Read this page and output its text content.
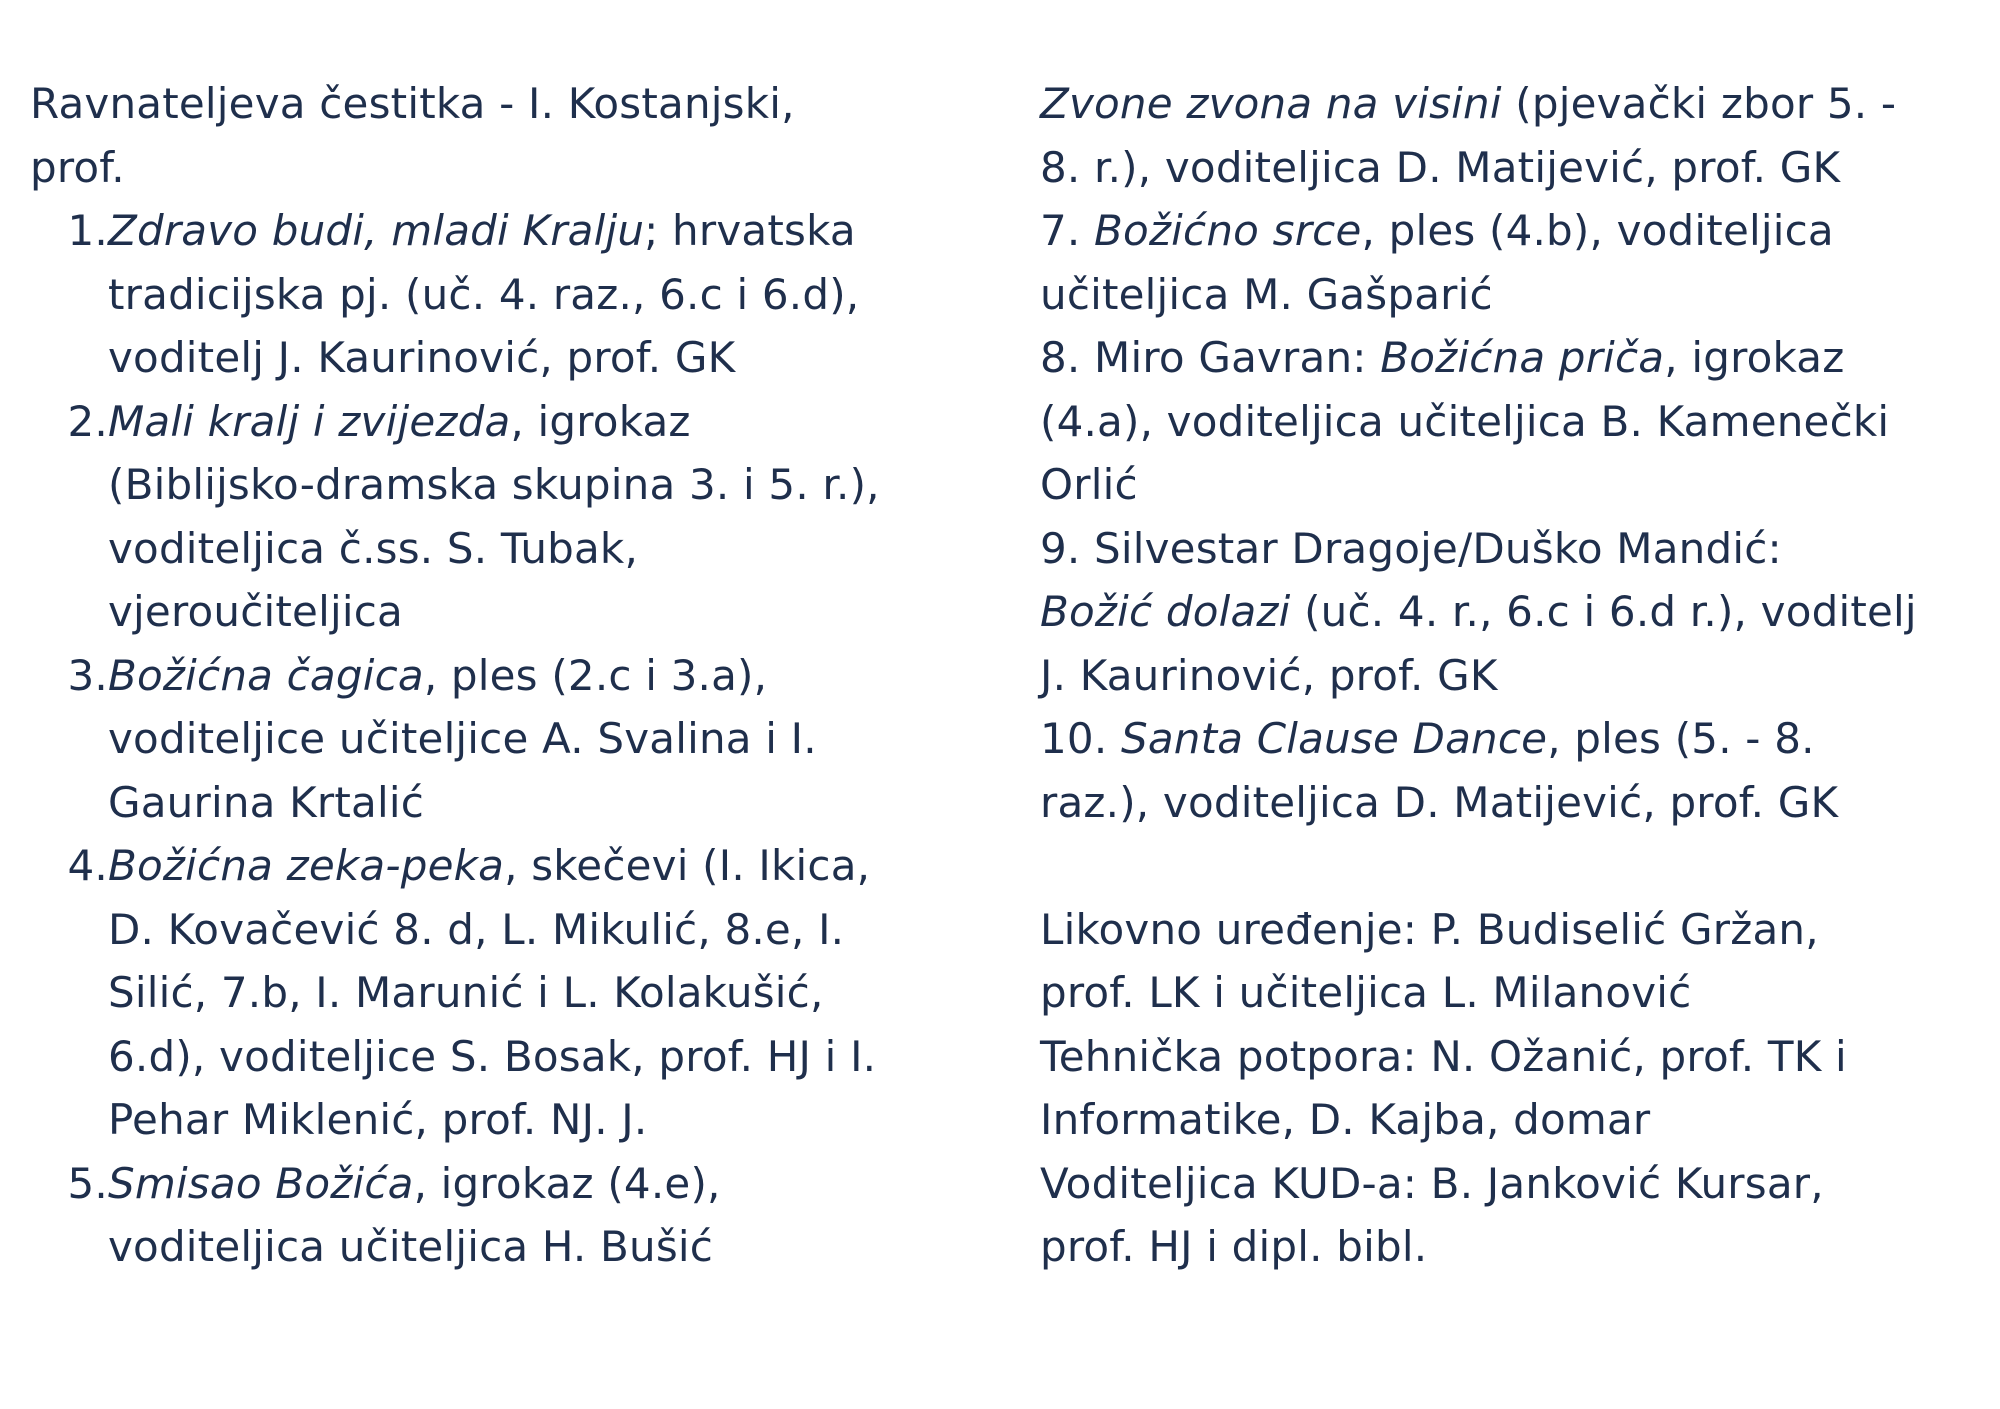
Ravnateljeva čestitka - I. Kostanjski,
prof.
1. Zdravo budi, mladi Kralju; hrvatska
tradicijska pj. (uč. 4. raz., 6.c i 6.d),
voditelj J. Kaurinović, prof. GK
2. Mali kralj i zvijezda, igrokaz
(Biblijsko-dramska skupina 3. i 5. r.),
voditeljica č.ss. S. Tubak,
vjeroučiteljica
3. Božićna čagica, ples (2.c i 3.a),
voditeljice učiteljice A. Svalina i I.
Gaurina Krtalić
4. Božićna zeka-peka, skečevi (I. Ikica,
D. Kovačević 8. d, L. Mikulić, 8.e, I.
Silić, 7.b, I. Marunić i L. Kolakušić,
6.d), voditeljice S. Bosak, prof. HJ i I.
Pehar Miklenić, prof. NJ. J.
5. Smisao Božića, igrokaz (4.e),
voditeljica učiteljica H. Bušić
Zvone zvona na visini (pjevački zbor 5. -
8. r.), voditeljica D. Matijević, prof. GK
7. Božićno srce, ples (4.b), voditeljica
učiteljica M. Gašparić
8. Miro Gavran: Božićna priča, igrokaz
(4.a), voditeljica učiteljica B. Kamenečki
Orlić
9. Silvestar Dragoje/Duško Mandić:
Božić dolazi (uč. 4. r., 6.c i 6.d r.), voditelj
J. Kaurinović, prof. GK
10. Santa Clause Dance, ples (5. - 8.
raz.), voditeljica D. Matijević, prof. GK
Likovno uređenje: P. Budiselić Gržan,
prof. LK i učiteljica L. Milanović
Tehnička potpora: N. Ožanić, prof. TK i
Informatike, D. Kajba, domar
Voditeljica KUD-a: B. Janković Kursar,
prof. HJ i dipl. bibl.
